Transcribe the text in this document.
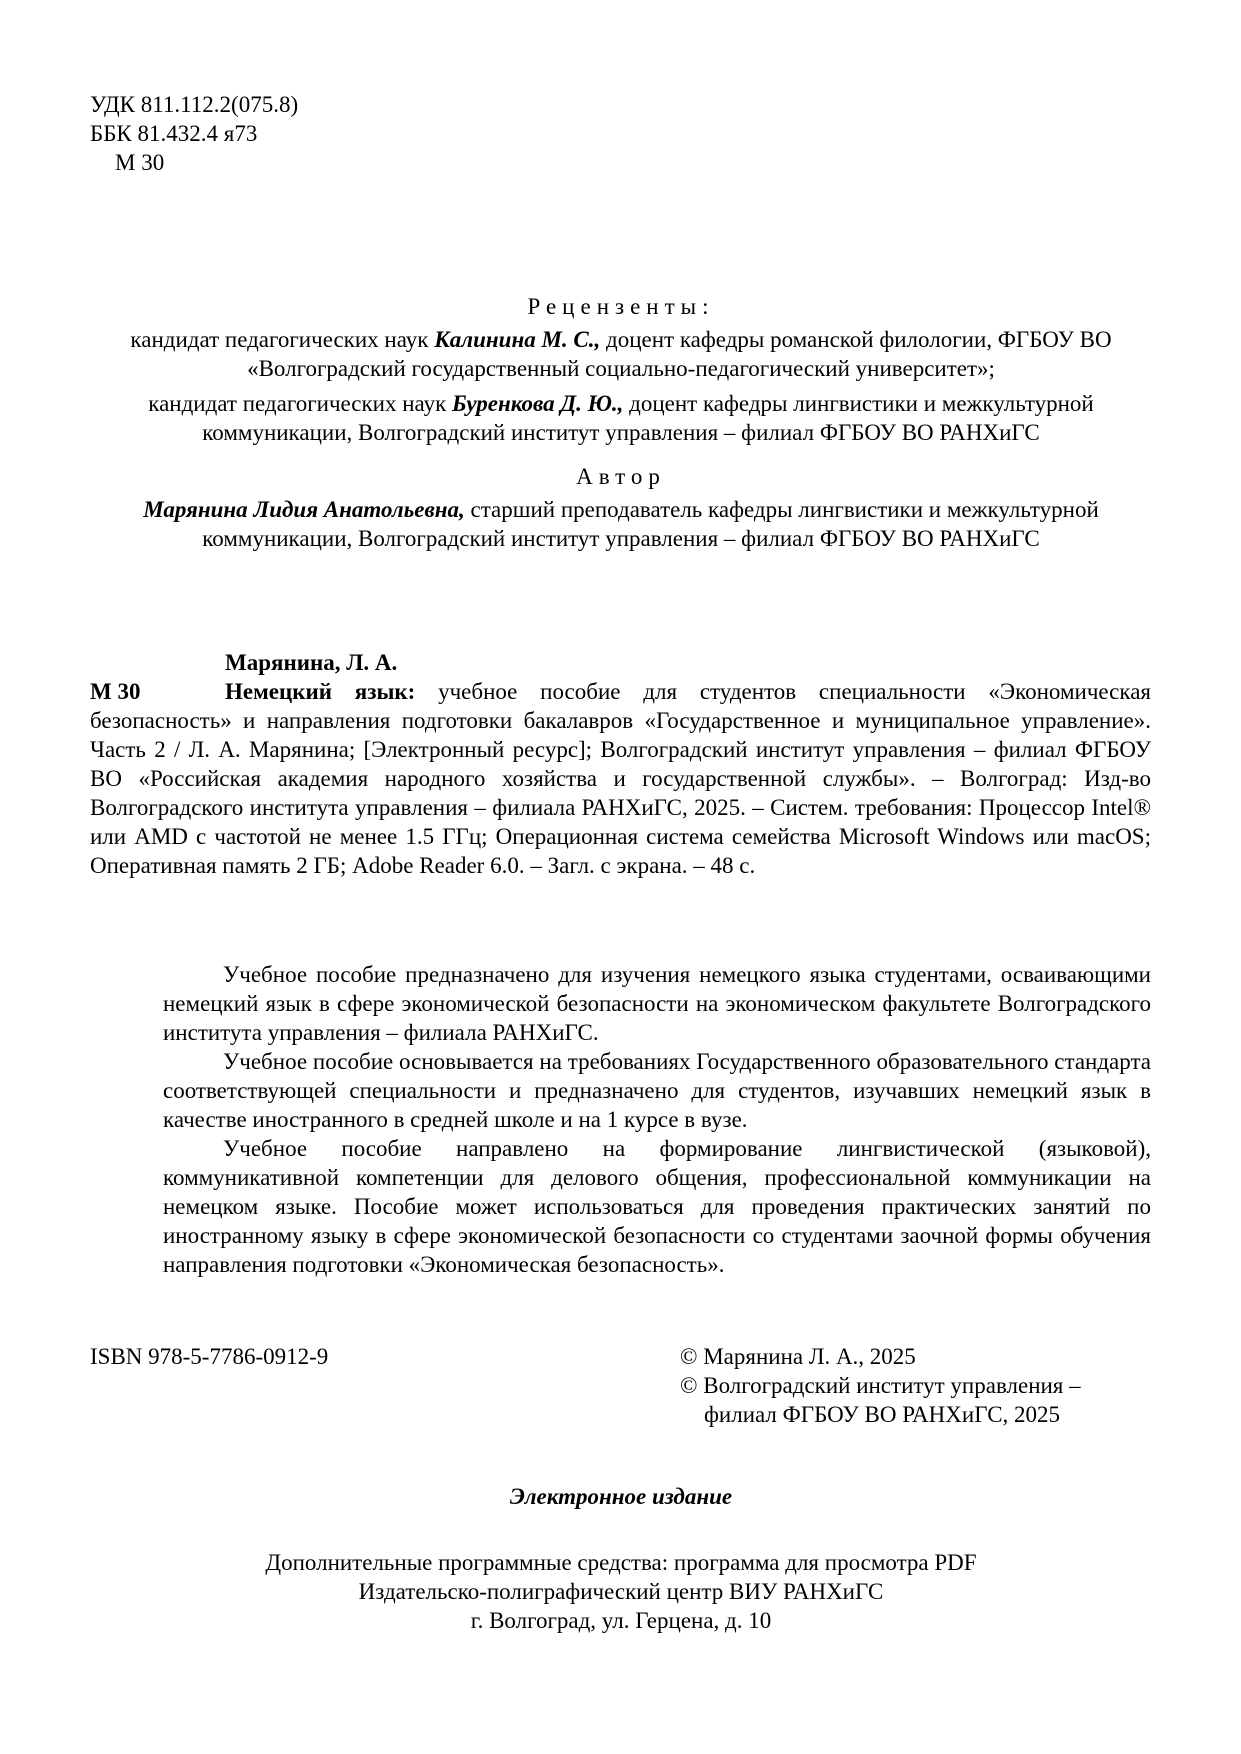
УДК 811.112.2(075.8)
ББК 81.432.4 я73
М 30

Рецензенты:

кандидат педагогических наук Калинина М. С., доцент кафедры романской филологии, ФГБОУ ВО «Волгоградский государственный социально-педагогический университет»;

кандидат педагогических наук Буренкова Д. Ю., доцент кафедры лингвистики и межкультурной коммуникации, Волгоградский институт управления – филиал ФГБОУ ВО РАНХиГС

Автор

Марянина Лидия Анатольевна, старший преподаватель кафедры лингвистики и межкультурной коммуникации, Волгоградский институт управления – филиал ФГБОУ ВО РАНХиГС

Марянина, Л. А.
М 30	Немецкий язык: учебное пособие для студентов специальности «Экономическая безопасность» и направления подготовки бакалавров «Государственное и муниципальное управление». Часть 2 / Л. А. Марянина; [Электронный ресурс]; Волгоградский институт управления – филиал ФГБОУ ВО «Российская академия народного хозяйства и государственной службы». – Волгоград: Изд-во Волгоградского института управления – филиала РАНХиГС, 2025. – Систем. требования: Процессор Intel® или AMD с частотой не менее 1.5 ГГц; Операционная система семейства Microsoft Windows или macOS; Оперативная память 2 ГБ; Adobe Reader 6.0. – Загл. с экрана. – 48 с.

Учебное пособие предназначено для изучения немецкого языка студентами, осваивающими немецкий язык в сфере экономической безопасности на экономическом факультете Волгоградского института управления – филиала РАНХиГС.

Учебное пособие основывается на требованиях Государственного образовательного стандарта соответствующей специальности и предназначено для студентов, изучавших немецкий язык в качестве иностранного в средней школе и на 1 курсе в вузе.

Учебное пособие направлено на формирование лингвистической (языковой), коммуникативной компетенции для делового общения, профессиональной коммуникации на немецком языке. Пособие может использоваться для проведения практических занятий по иностранному языку в сфере экономической безопасности со студентами заочной формы обучения направления подготовки «Экономическая безопасность».

ISBN 978-5-7786-0912-9	© Марянина Л. А., 2025
© Волгоградский институт управления –
филиал ФГБОУ ВО РАНХиГС, 2025
Электронное издание
Дополнительные программные средства: программа для просмотра PDF
Издательско-полиграфический центр ВИУ РАНХиГС
г. Волгоград, ул. Герцена, д. 10
